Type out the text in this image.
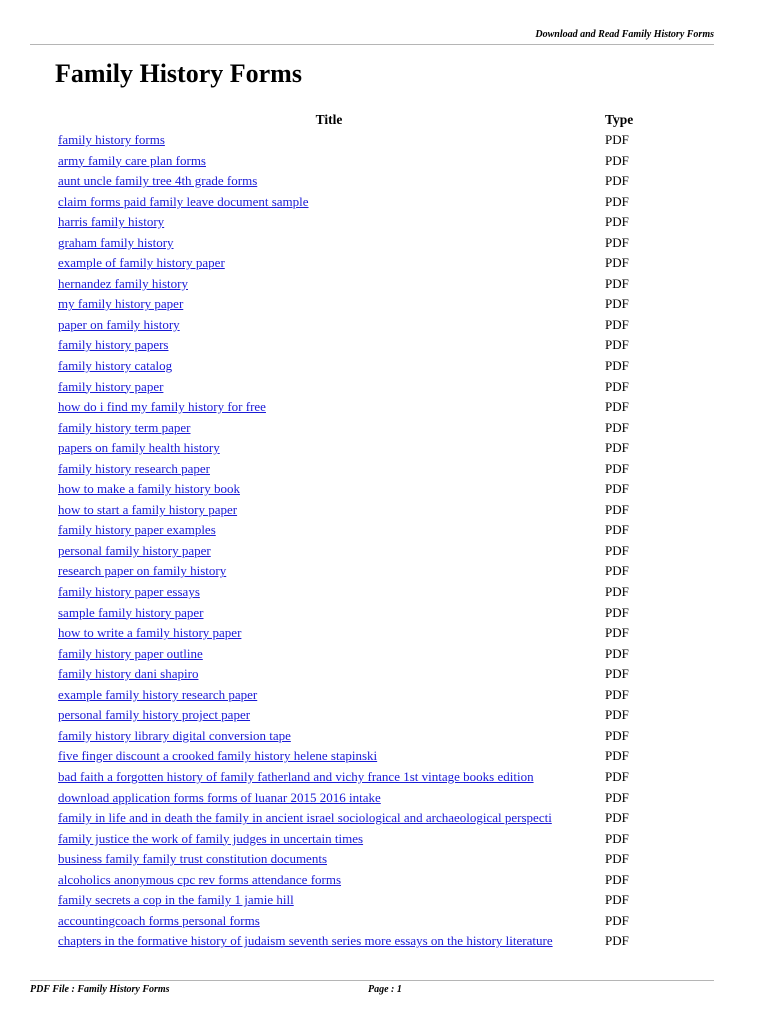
Download and Read Family History Forms
Family History Forms
Title	Type
family history forms	PDF
army family care plan forms	PDF
aunt uncle family tree 4th grade forms	PDF
claim forms paid family leave document sample	PDF
harris family history	PDF
graham family history	PDF
example of family history paper	PDF
hernandez family history	PDF
my family history paper	PDF
paper on family history	PDF
family history papers	PDF
family history catalog	PDF
family history paper	PDF
how do i find my family history for free	PDF
family history term paper	PDF
papers on family health history	PDF
family history research paper	PDF
how to make a family history book	PDF
how to start a family history paper	PDF
family history paper examples	PDF
personal family history paper	PDF
research paper on family history	PDF
family history paper essays	PDF
sample family history paper	PDF
how to write a family history paper	PDF
family history paper outline	PDF
family history dani shapiro	PDF
example family history research paper	PDF
personal family history project paper	PDF
family history library digital conversion tape	PDF
five finger discount a crooked family history helene stapinski	PDF
bad faith a forgotten history of family fatherland and vichy france 1st vintage books edition	PDF
download application forms forms of luanar 2015 2016 intake	PDF
family in life and in death the family in ancient israel sociological and archaeological perspecti	PDF
family justice the work of family judges in uncertain times	PDF
business family family trust constitution documents	PDF
alcoholics anonymous cpc rev forms attendance forms	PDF
family secrets a cop in the family 1 jamie hill	PDF
accountingcoach forms personal forms	PDF
chapters in the formative history of judaism seventh series more essays on the history literature	PDF
PDF File : Family History Forms	Page : 1
